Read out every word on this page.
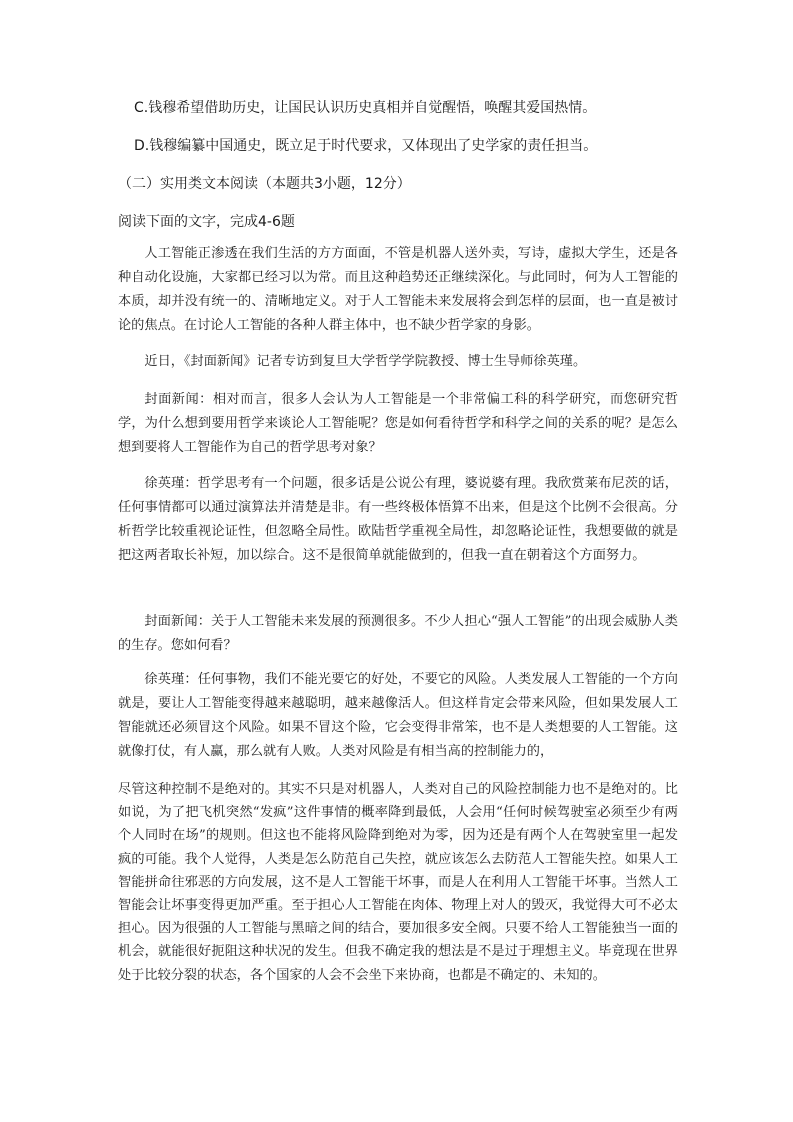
C.钱穆希望借助历史，让国民认识历史真相并自觉醒悟，唤醒其爱国热情。
D.钱穆编纂中国通史，既立足于时代要求，又体现出了史学家的责任担当。
（二）实用类文本阅读（本题共3小题，12分）
阅读下面的文字，完成4-6题

人工智能正渗透在我们生活的方方面面，不管是机器人送外卖，写诗，虚拟大学生，还是各种自动化设施，大家都已经习以为常。而且这种趋势还正继续深化。与此同时，何为人工智能的本质，却并没有统一的、清晰地定义。对于人工智能未来发展将会到怎样的层面，也一直是被讨论的焦点。在讨论人工智能的各种人群主体中，也不缺少哲学家的身影。

近日，《封面新闻》记者专访到复旦大学哲学学院教授、博士生导师徐英瑾。

封面新闻：相对而言，很多人会认为人工智能是一个非常偏工科的科学研究，而您研究哲学，为什么想到要用哲学来谈论人工智能呢？您是如何看待哲学和科学之间的关系的呢？是怎么想到要将人工智能作为自己的哲学思考对象？

徐英瑾：哲学思考有一个问题，很多话是公说公有理，婆说婆有理。我欣赏莱布尼茨的话，任何事情都可以通过演算法并清楚是非。有一些终极体悟算不出来，但是这个比例不会很高。分析哲学比较重视论证性，但忽略全局性。欧陆哲学重视全局性，却忽略论证性，我想要做的就是把这两者取长补短，加以综合。这不是很简单就能做到的，但我一直在朝着这个方面努力。

封面新闻：关于人工智能未来发展的预测很多。不少人担心“强人工智能”的出现会威胁人类的生存。您如何看？

徐英瑾：任何事物，我们不能光要它的好处，不要它的风险。人类发展人工智能的一个方向就是，要让人工智能变得越来越聪明，越来越像活人。但这样肯定会带来风险，但如果发展人工智能就还必须冒这个风险。如果不冒这个险，它会变得非常笨，也不是人类想要的人工智能。这就像打仗，有人赢，那么就有人败。人类对风险是有相当高的控制能力的，

尽管这种控制不是绝对的。其实不只是对机器人，人类对自己的风险控制能力也不是绝对的。比如说，为了把飞机突然“发疯”这件事情的概率降到最低，人会用“任何时候驾驶室必须至少有两个人同时在场”的规则。但这也不能将风险降到绝对为零，因为还是有两个人在驾驶室里一起发疯的可能。我个人觉得，人类是怎么防范自己失控，就应该怎么去防范人工智能失控。如果人工智能拼命往邪恶的方向发展，这不是人工智能干坏事，而是人在利用人工智能干坏事。当然人工智能会让坏事变得更加严重。至于担心人工智能在肉体、物理上对人的毁灭，我觉得大可不必太担心。因为很强的人工智能与黑暗之间的结合，要加很多安全阀。只要不给人工智能独当一面的机会，就能很好扼阻这种状况的发生。但我不确定我的想法是不是过于理想主义。毕竟现在世界处于比较分裂的状态，各个国家的人会不会坐下来协商，也都是不确定的、未知的。
